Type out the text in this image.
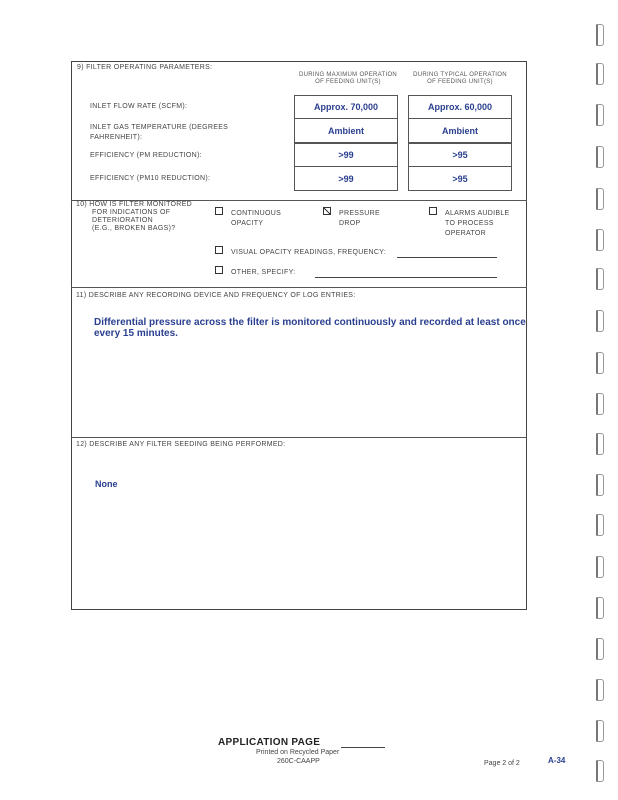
9) FILTER OPERATING PARAMETERS:
DURING MAXIMUM OPERATION OF FEEDING UNIT(S)
DURING TYPICAL OPERATION OF FEEDING UNIT(S)
INLET FLOW RATE (SCFM):
INLET GAS TEMPERATURE (DEGREES FAHRENHEIT):
EFFICIENCY (PM REDUCTION):
EFFICIENCY (PM10 REDUCTION):
Approx. 70,000
Ambient
>99
>99
Approx. 60,000
Ambient
>95
>95
10) HOW IS FILTER MONITORED
FOR INDICATIONS OF
DETERIORATION
(E.G., BROKEN BAGS)?
CONTINUOUS
OPACITY
PRESSURE
DROP
ALARMS AUDIBLE
TO PROCESS
OPERATOR
VISUAL OPACITY READINGS, FREQUENCY:
OTHER, SPECIFY:
11) DESCRIBE ANY RECORDING DEVICE AND FREQUENCY OF LOG ENTRIES:
Differential pressure across the filter is monitored continuously and recorded at least once
every 15 minutes.
12) DESCRIBE ANY FILTER SEEDING BEING PERFORMED:
None
APPLICATION PAGE
Printed on Recycled Paper
260C-CAAPP	Page 2 of 2	A-34
